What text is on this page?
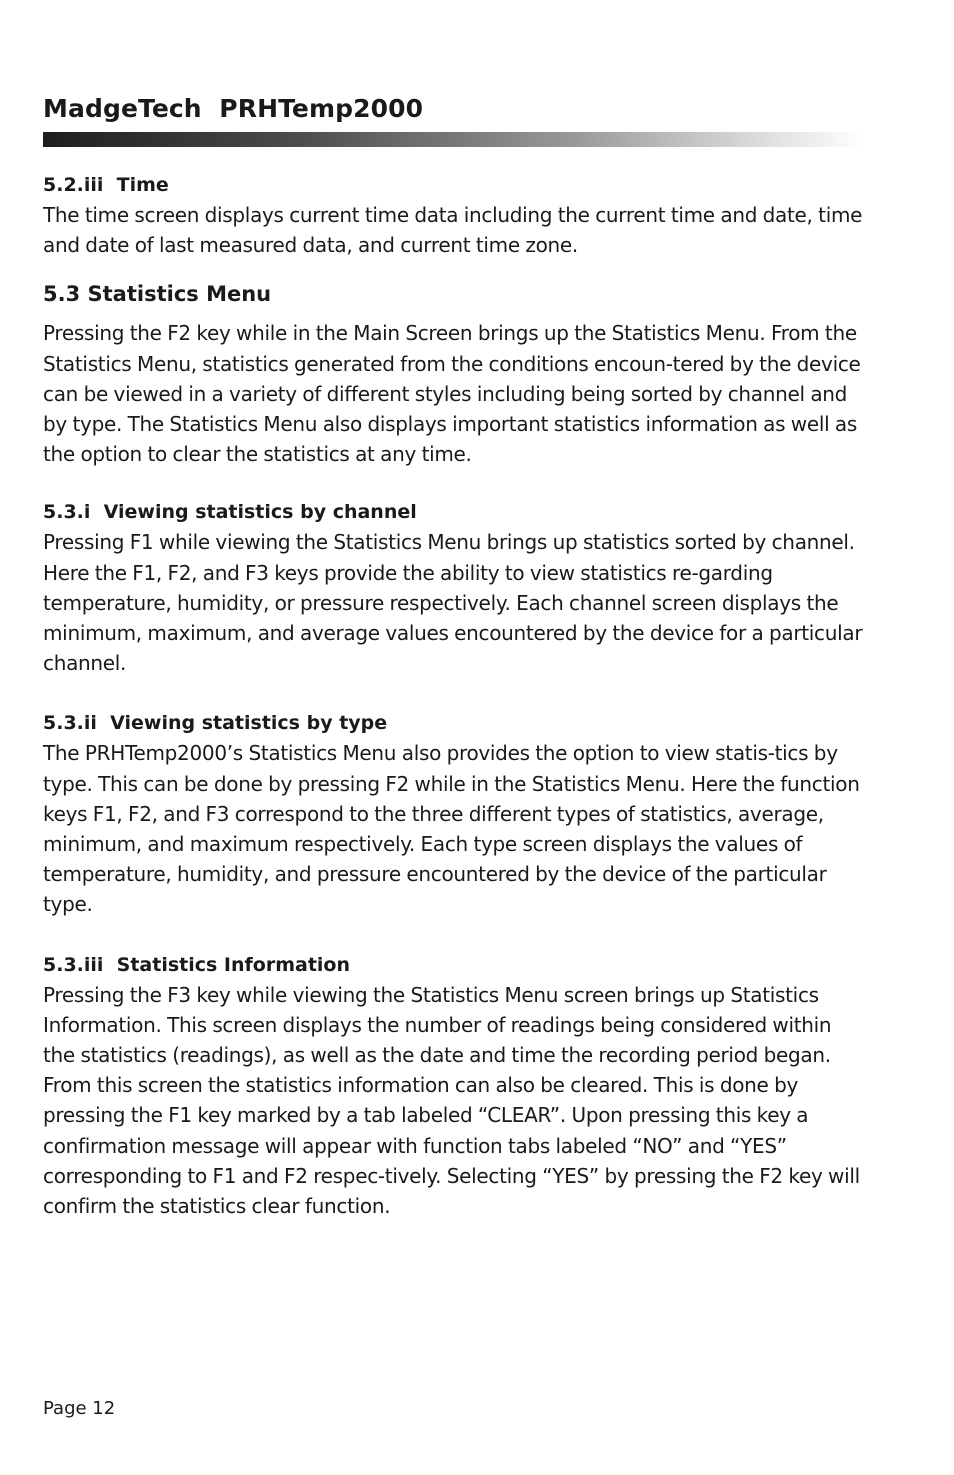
MadgeTech  PRHTemp2000
5.2.iii  Time

The time screen displays current time data including the current time and date, time and date of last measured data, and current time zone.

5.3 Statistics Menu

Pressing the F2 key while in the Main Screen brings up the Statistics Menu. From the Statistics Menu, statistics generated from the conditions encoun-tered by the device can be viewed in a variety of different styles including being sorted by channel and by type. The Statistics Menu also displays important statistics information as well as the option to clear the statistics at any time.

5.3.i  Viewing statistics by channel

Pressing F1 while viewing the Statistics Menu brings up statistics sorted by channel. Here the F1, F2, and F3 keys provide the ability to view statistics re-garding temperature, humidity, or pressure respectively. Each channel screen displays the minimum, maximum, and average values encountered by the device for a particular channel.

5.3.ii  Viewing statistics by type

The PRHTemp2000’s Statistics Menu also provides the option to view statis-tics by type. This can be done by pressing F2 while in the Statistics Menu. Here the function keys F1, F2, and F3 correspond to the three different types of statistics, average, minimum, and maximum respectively. Each type screen displays the values of temperature, humidity, and pressure encountered by the device of the particular type.

5.3.iii  Statistics Information

Pressing the F3 key while viewing the Statistics Menu screen brings up Statistics Information. This screen displays the number of readings being considered within the statistics (readings), as well as the date and time the recording period began. From this screen the statistics information can also be cleared. This is done by pressing the F1 key marked by a tab labeled “CLEAR”. Upon pressing this key a confirmation message will appear with function tabs labeled “NO” and “YES” corresponding to F1 and F2 respec-tively. Selecting “YES” by pressing the F2 key will confirm the statistics clear function.

Page 12
